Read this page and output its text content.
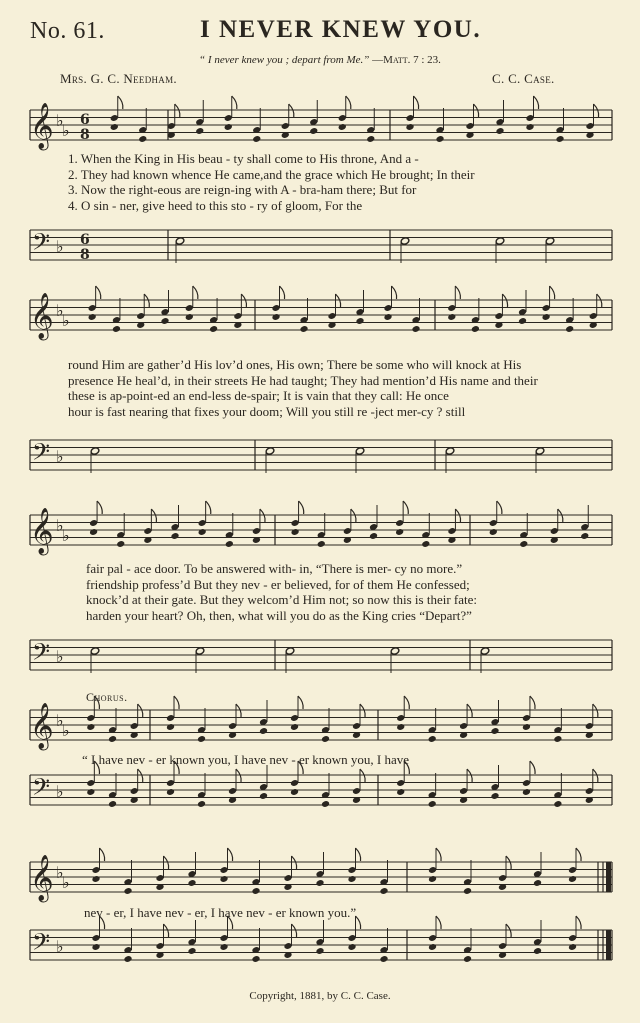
No. 61.	I NEVER KNEW YOU.
“ I never knew you ; depart from Me.” —Matt. 7 : 23.
Mrs. G. C. Needham.	C. C. Case.
𝄞 ♭
♭
6
8
𝄢 ♭ 6
8
𝄞 ♭
♭
𝄢 ♭
𝄞 ♭
♭
𝄢 ♭
𝄞 ♭
♭
𝄢 ♭
𝄞 ♭
♭
𝄢 ♭
1. When the King in His beau - ty shall come to His throne, And a -
2. They had known whence He came,and the grace which He brought; In their
3. Now the right-eous are reign-ing with A - bra-ham there; But for
4. O sin - ner, give heed to this sto - ry of gloom, For the
round Him are gather’d His lov’d ones, His own; There be some who will knock at His
presence He heal’d, in their streets He had taught; They had mention’d His name and their
these is ap-point-ed an end-less de-spair; It is vain that they call: He once
hour is fast nearing that fixes your doom; Will you still re -ject mer-cy ? still
fair pal - ace door. To be answered with- in, “There is mer- cy no more.”
friendship profess’d But they nev - er believed, for of them He confessed;
knock’d at their gate. But they welcom’d Him not; so now this is their fate:
harden your heart? Oh, then, what will you do as the King cries “Depart?”
Chorus.
“ I have nev - er known you, I have nev - er known you, I have
nev - er, I have nev - er, I have nev - er known you.”
Copyright, 1881, by C. C. Case.
